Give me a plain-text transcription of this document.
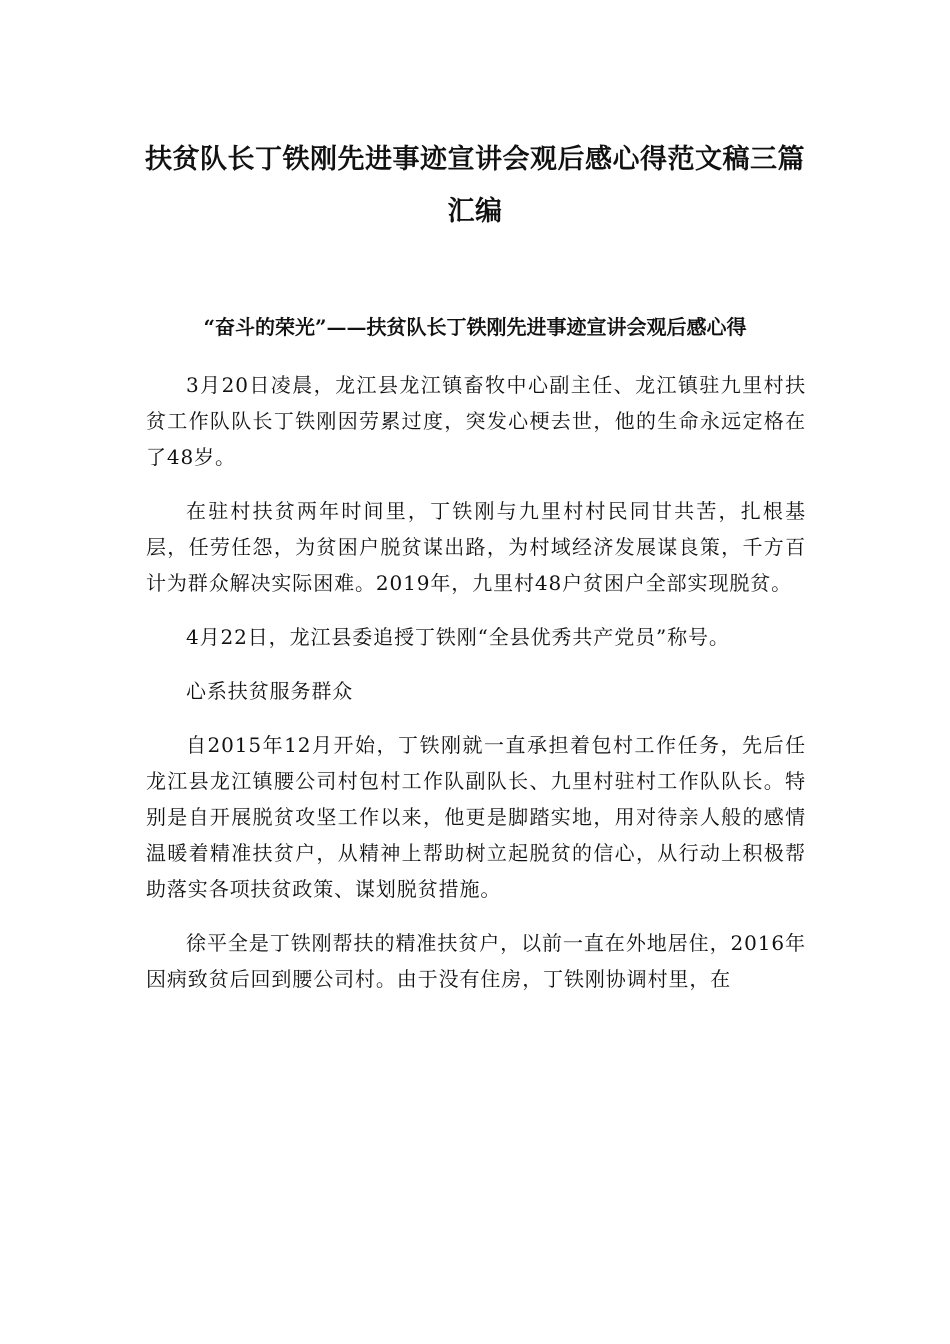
扶贫队长丁铁刚先进事迹宣讲会观后感心得范文稿三篇汇编
“奋斗的荣光”——扶贫队长丁铁刚先进事迹宣讲会观后感心得

3月20日凌晨，龙江县龙江镇畜牧中心副主任、龙江镇驻九里村扶贫工作队队长丁铁刚因劳累过度，突发心梗去世，他的生命永远定格在了48岁。

在驻村扶贫两年时间里，丁铁刚与九里村村民同甘共苦，扎根基层，任劳任怨，为贫困户脱贫谋出路，为村域经济发展谋良策，千方百计为群众解决实际困难。2019年，九里村48户贫困户全部实现脱贫。

4月22日，龙江县委追授丁铁刚“全县优秀共产党员”称号。

心系扶贫服务群众

自2015年12月开始，丁铁刚就一直承担着包村工作任务，先后任龙江县龙江镇腰公司村包村工作队副队长、九里村驻村工作队队长。特别是自开展脱贫攻坚工作以来，他更是脚踏实地，用对待亲人般的感情温暖着精准扶贫户，从精神上帮助树立起脱贫的信心，从行动上积极帮助落实各项扶贫政策、谋划脱贫措施。

徐平全是丁铁刚帮扶的精准扶贫户，以前一直在外地居住，2016年因病致贫后回到腰公司村。由于没有住房，丁铁刚协调村里，在
